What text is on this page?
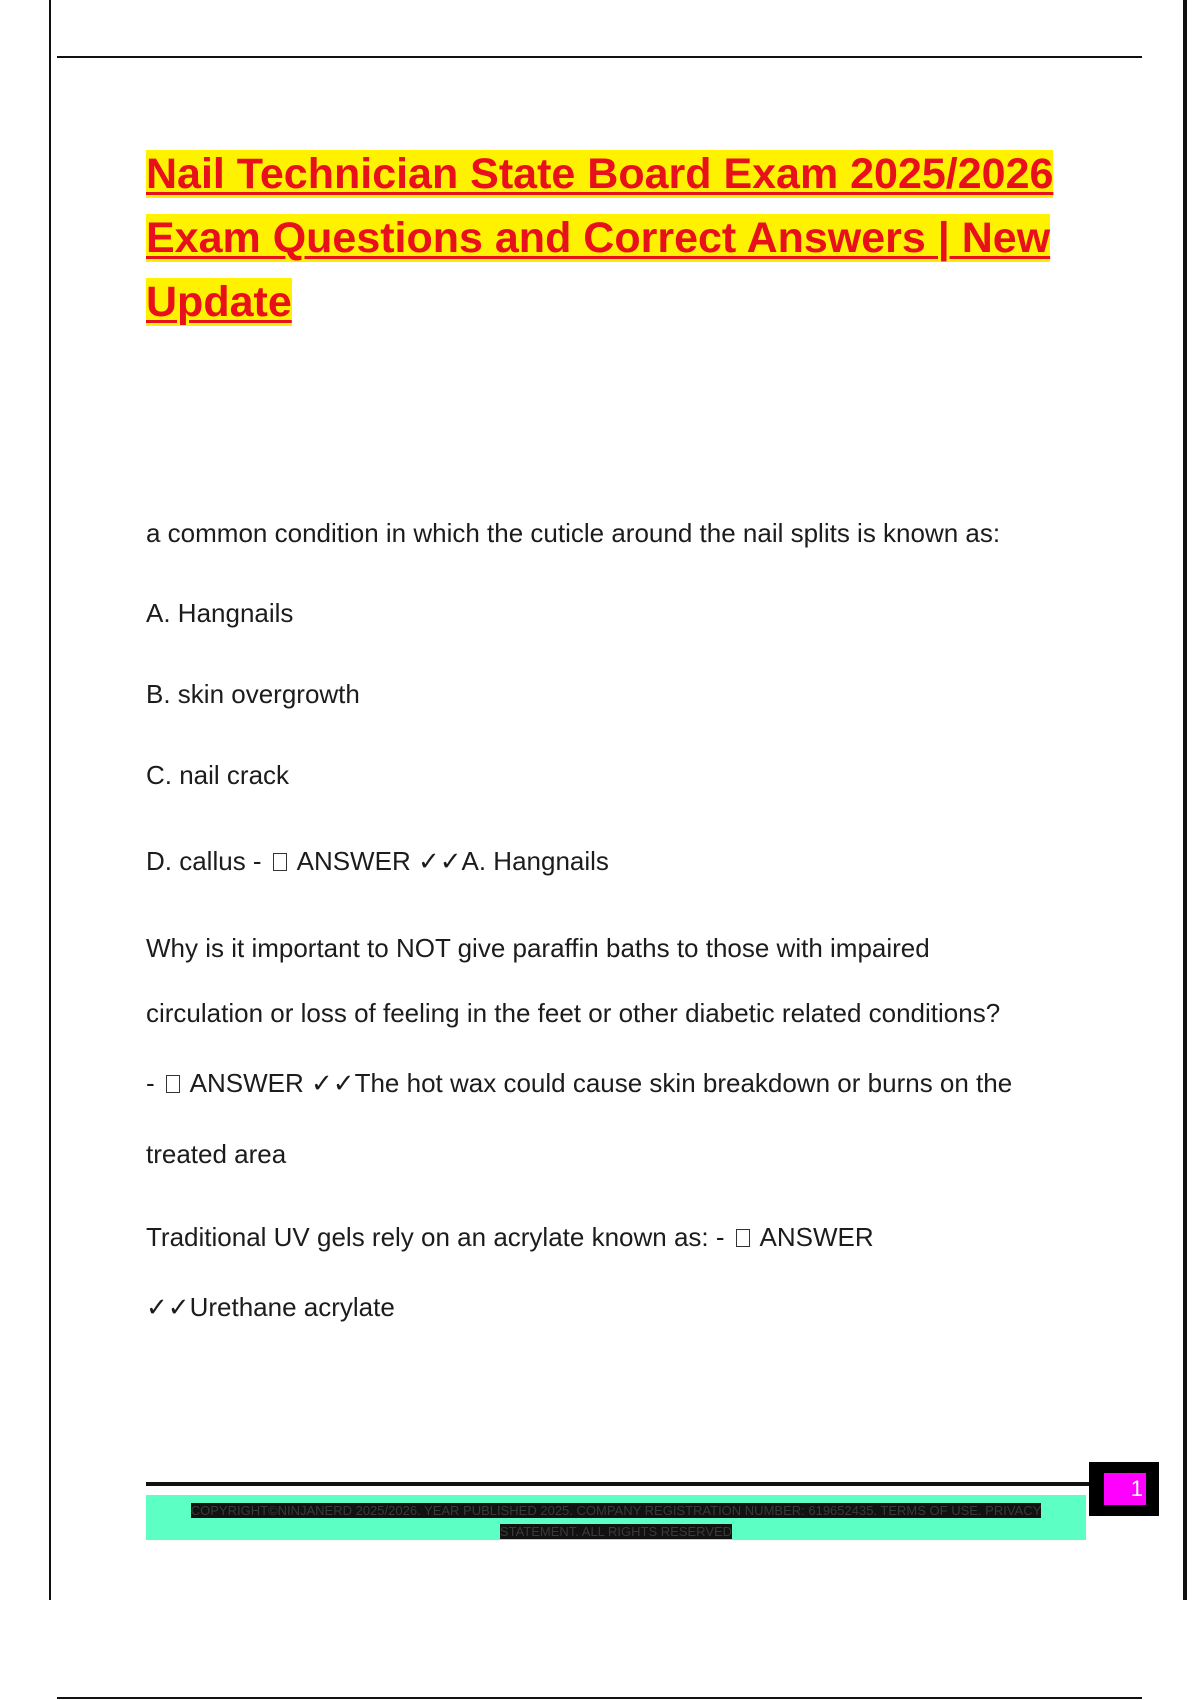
Nail Technician State Board Exam 2025/2026 Exam Questions and Correct Answers | New Update

a common condition in which the cuticle around the nail splits is known as:

A. Hangnails

B. skin overgrowth

C. nail crack

D. callus -  ANSWER ✓✓A. Hangnails

Why is it important to NOT give paraffin baths to those with impaired

circulation or loss of feeling in the feet or other diabetic related conditions?

-  ANSWER ✓✓The hot wax could cause skin breakdown or burns on the

treated area

Traditional UV gels rely on an acrylate known as: -  ANSWER

✓✓Urethane acrylate

COPYRIGHT©NINJANERD 2025/2026. YEAR PUBLISHED 2025. COMPANY REGISTRATION NUMBER: 619652435. TERMS OF USE. PRIVACY STATEMENT. ALL RIGHTS RESERVED

1
